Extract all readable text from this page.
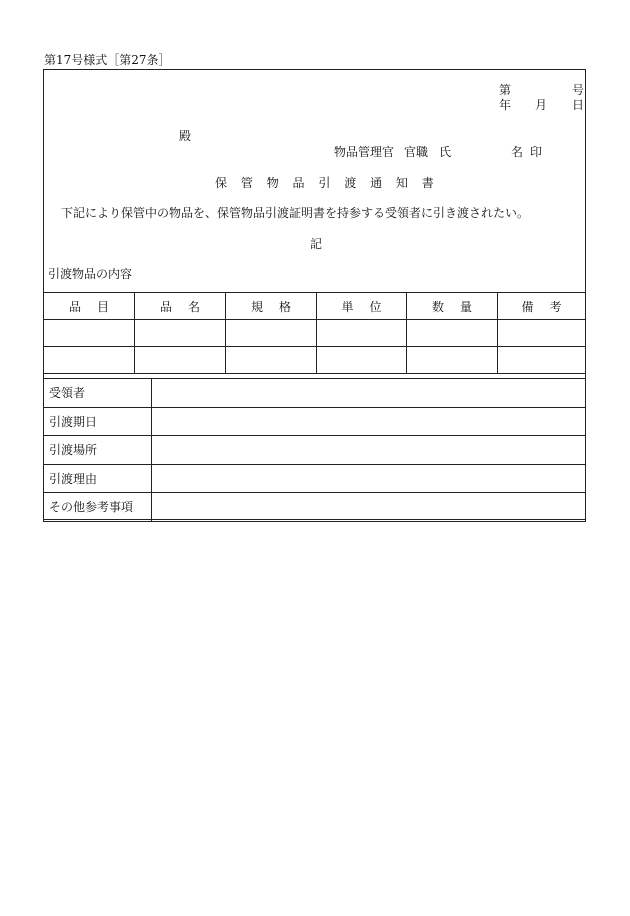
第17号様式［第27条］
第	号
年 月 日
殿
物品管理官 官職 氏　　　　　名 印
保 管 物 品 引 渡 通 知 書
下記により保管中の物品を、保管物品引渡証明書を持参する受領者に引き渡されたい。
記
引渡物品の内容
品目	品名	規格	単位	数量	備考

受領者	
引渡期日	
引渡場所	
引渡理由	
その他参考事項	
